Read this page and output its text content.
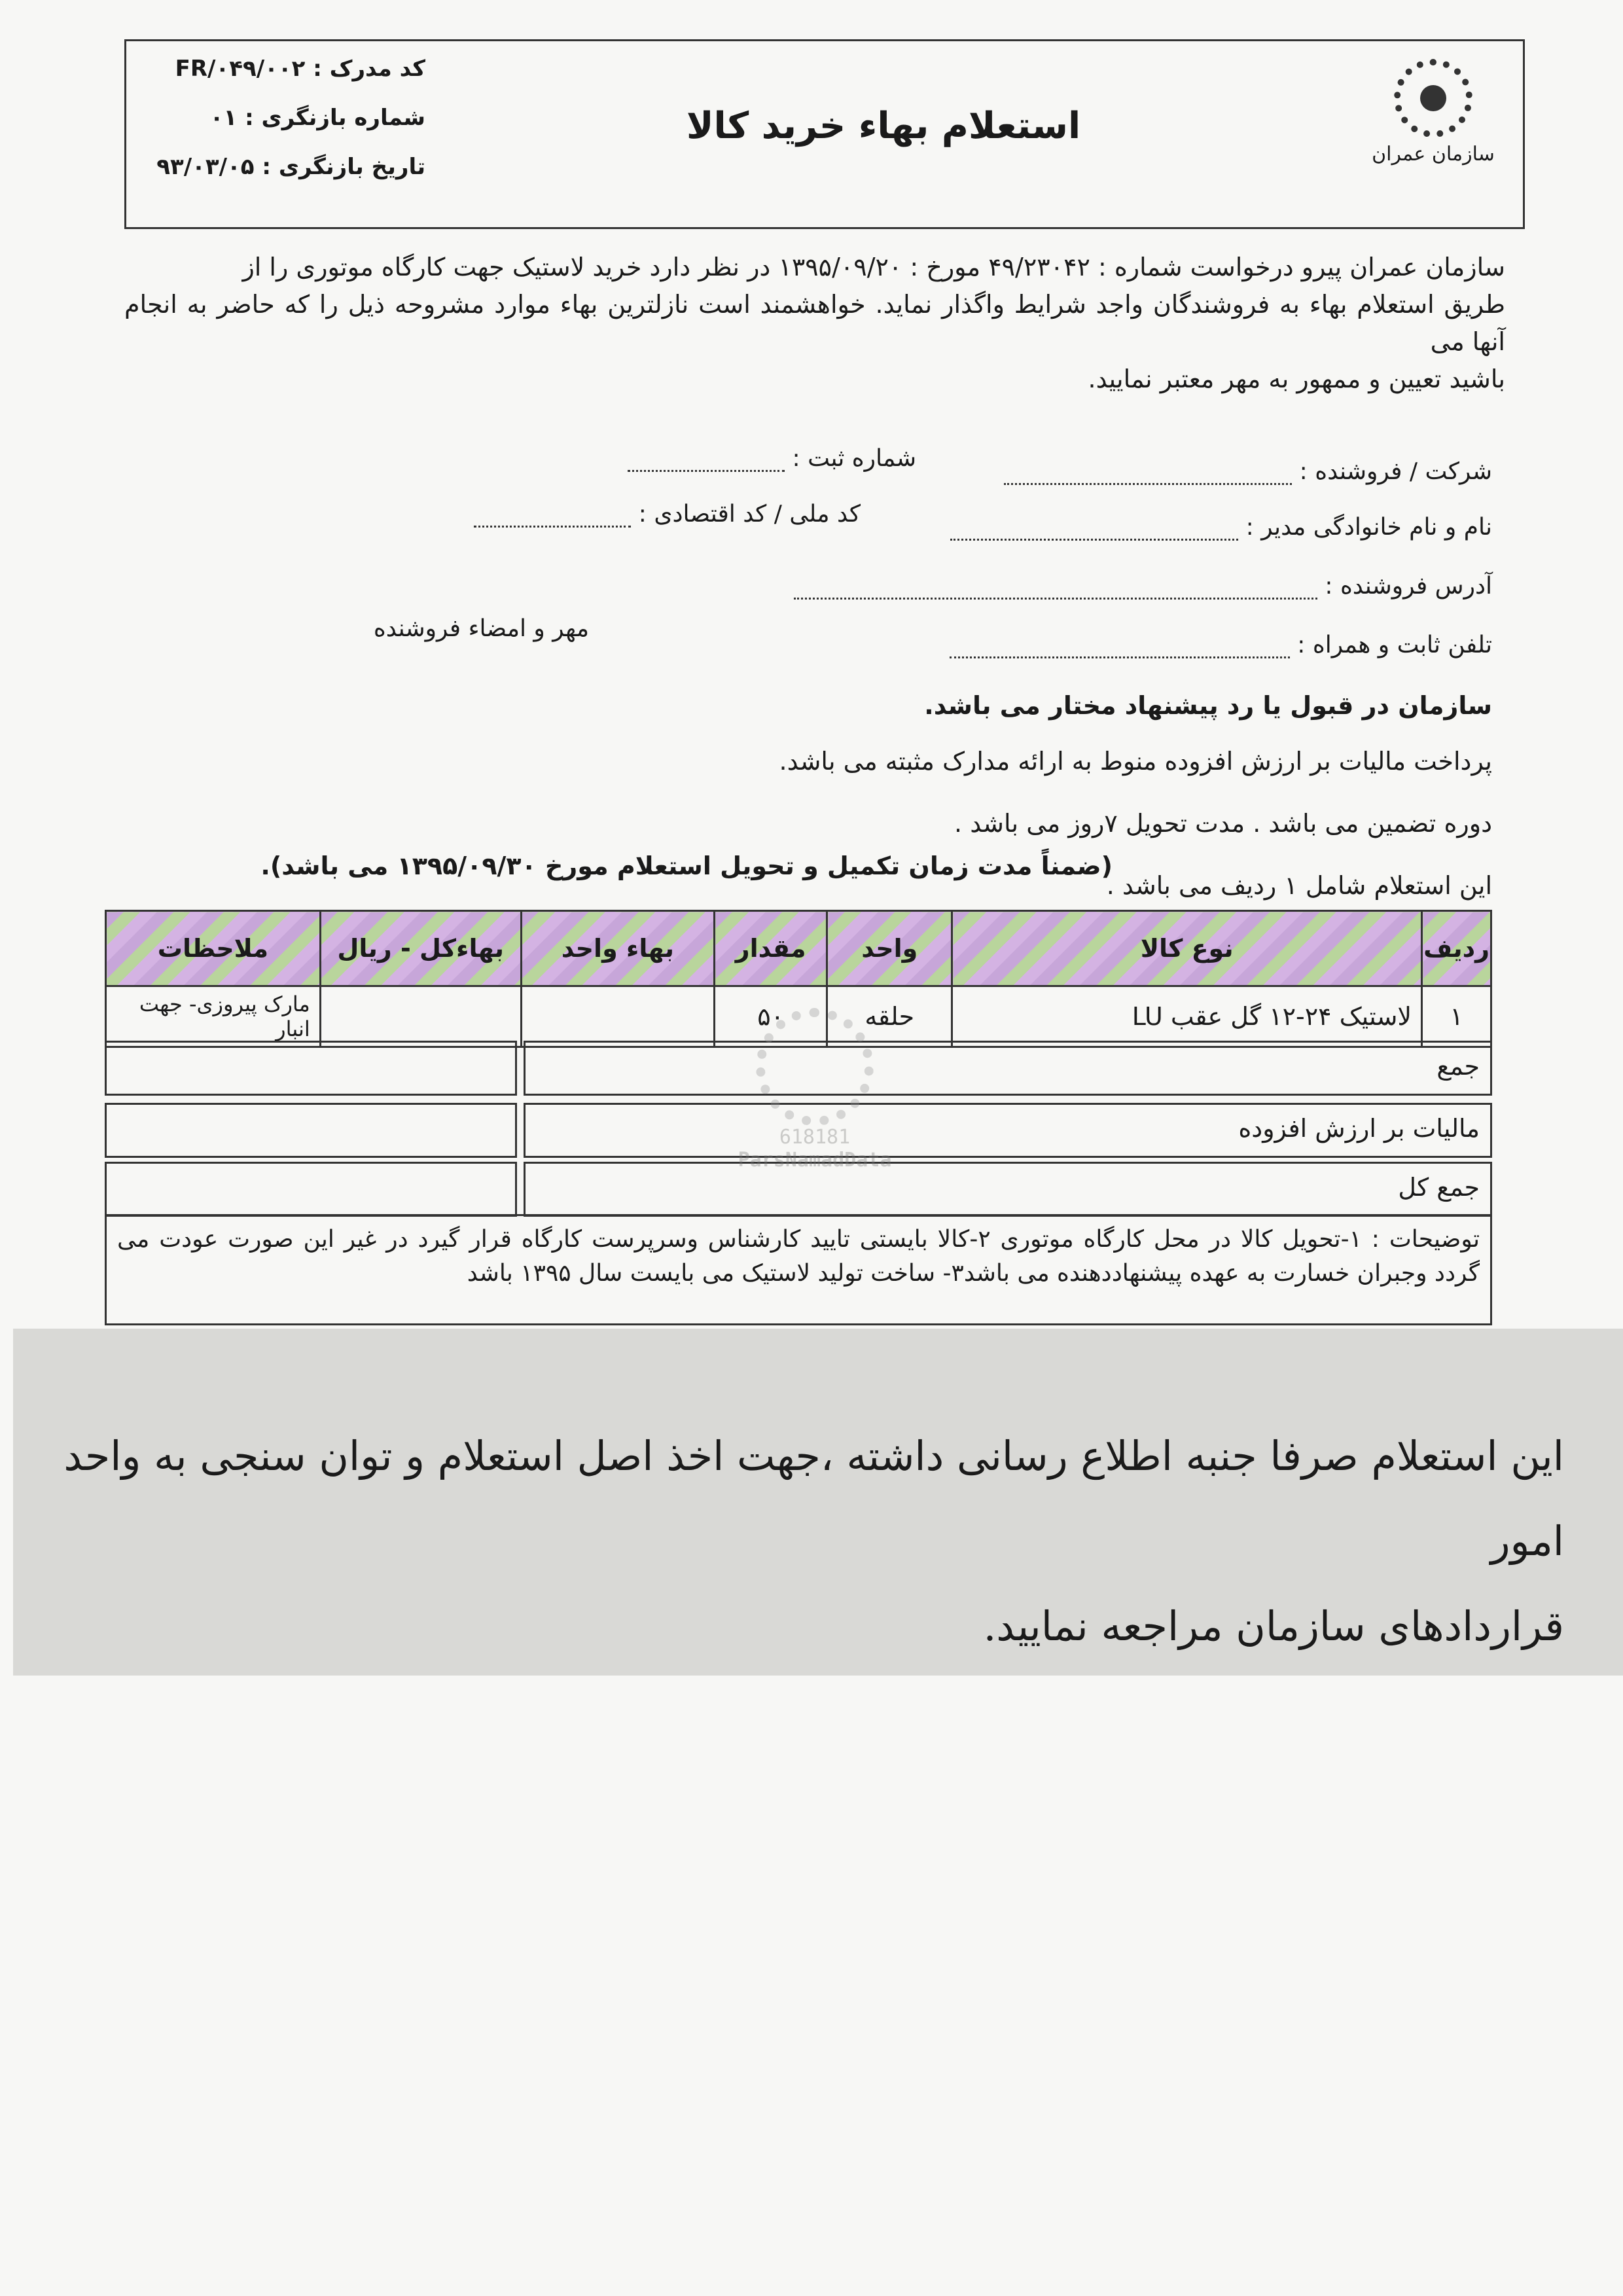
سازمان عمران
استعلام بهاء خرید کالا
کد مدرک : FR/۰۴۹/۰۰۲
شماره بازنگری : ۰۱
تاریخ بازنگری : ۹۳/۰۳/۰۵
سازمان عمران پیرو درخواست شماره : ۴۹/۲۳۰۴۲ مورخ : ۱۳۹۵/۰۹/۲۰ در نظر دارد خرید لاستیک جهت کارگاه موتوری را از
طریق استعلام بهاء به فروشندگان واجد شرایط واگذار نماید. خواهشمند است نازلترین بهاء موارد مشروحه ذیل را که حاضر به انجام آنها می
باشید تعیین و ممهور به مهر معتبر نمایید.
شرکت / فروشنده :
شماره ثبت :
نام و نام خانوادگی مدیر :
کد ملی / کد اقتصادی :
آدرس فروشنده :
تلفن ثابت و همراه :
مهر و امضاء فروشنده
سازمان در قبول یا رد پیشنهاد مختار می باشد.
پرداخت مالیات بر ارزش افزوده منوط به ارائه مدارک مثبته می باشد.
دوره تضمین می باشد . مدت تحویل ۷روز می باشد .
این استعلام شامل ۱ ردیف می باشد .
(ضمناً مدت زمان تکمیل و تحویل استعلام مورخ ۱۳۹۵/۰۹/۳۰ می باشد).
ردیف	نوع کالا	واحد	مقدار	بهاء واحد	بهاءکل - ریال	ملاحظات
۱	لاستیک ۲۴-۱۲ گل عقب LU	حلقه	۵۰			مارک پیروزی- جهت انبار
جمع
مالیات بر ارزش افزوده
جمع کل
618181
ParsNamadData
توضیحات : ۱-تحویل کالا در محل کارگاه موتوری ۲-کالا بایستی تایید کارشناس وسرپرست کارگاه قرار گیرد در غیر این صورت عودت می گردد وجبران خسارت به عهده پیشنهاددهنده می باشد۳- ساخت تولید لاستیک می بایست سال ۱۳۹۵ باشد
این استعلام صرفا جنبه اطلاع رسانی داشته ،جهت اخذ اصل استعلام و توان سنجی به واحد امور
قراردادهای سازمان مراجعه نمایید.
